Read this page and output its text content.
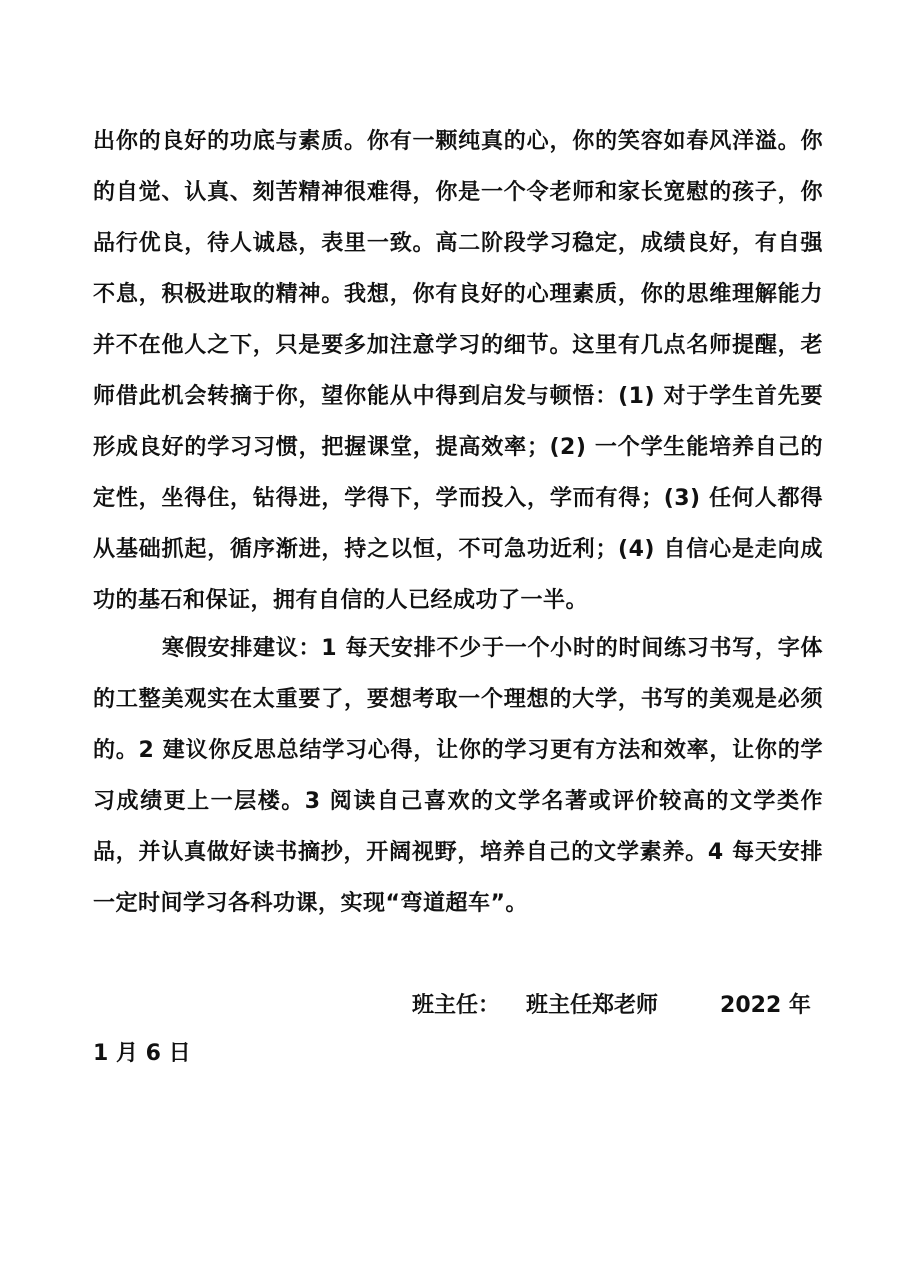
出你的良好的功底与素质。你有一颗纯真的心，你的笑容如春风洋溢。你的自觉、认真、刻苦精神很难得，你是一个令老师和家长宽慰的孩子，你品行优良，待人诚恳，表里一致。高二阶段学习稳定，成绩良好，有自强不息，积极进取的精神。我想，你有良好的心理素质，你的思维理解能力并不在他人之下，只是要多加注意学习的细节。这里有几点名师提醒，老师借此机会转摘于你，望你能从中得到启发与顿悟：(1) 对于学生首先要形成良好的学习习惯，把握课堂，提高效率；(2) 一个学生能培养自己的定性，坐得住，钻得进，学得下，学而投入，学而有得；(3) 任何人都得从基础抓起，循序渐进，持之以恒，不可急功近利；(4) 自信心是走向成功的基石和保证，拥有自信的人已经成功了一半。

寒假安排建议：1 每天安排不少于一个小时的时间练习书写，字体的工整美观实在太重要了，要想考取一个理想的大学，书写的美观是必须的。2 建议你反思总结学习心得，让你的学习更有方法和效率，让你的学习成绩更上一层楼。3 阅读自己喜欢的文学名著或评价较高的文学类作品，并认真做好读书摘抄，开阔视野，培养自己的文学素养。4 每天安排一定时间学习各科功课，实现“弯道超车”。

班主任： 班主任郑老师	2022 年
1 月 6 日
